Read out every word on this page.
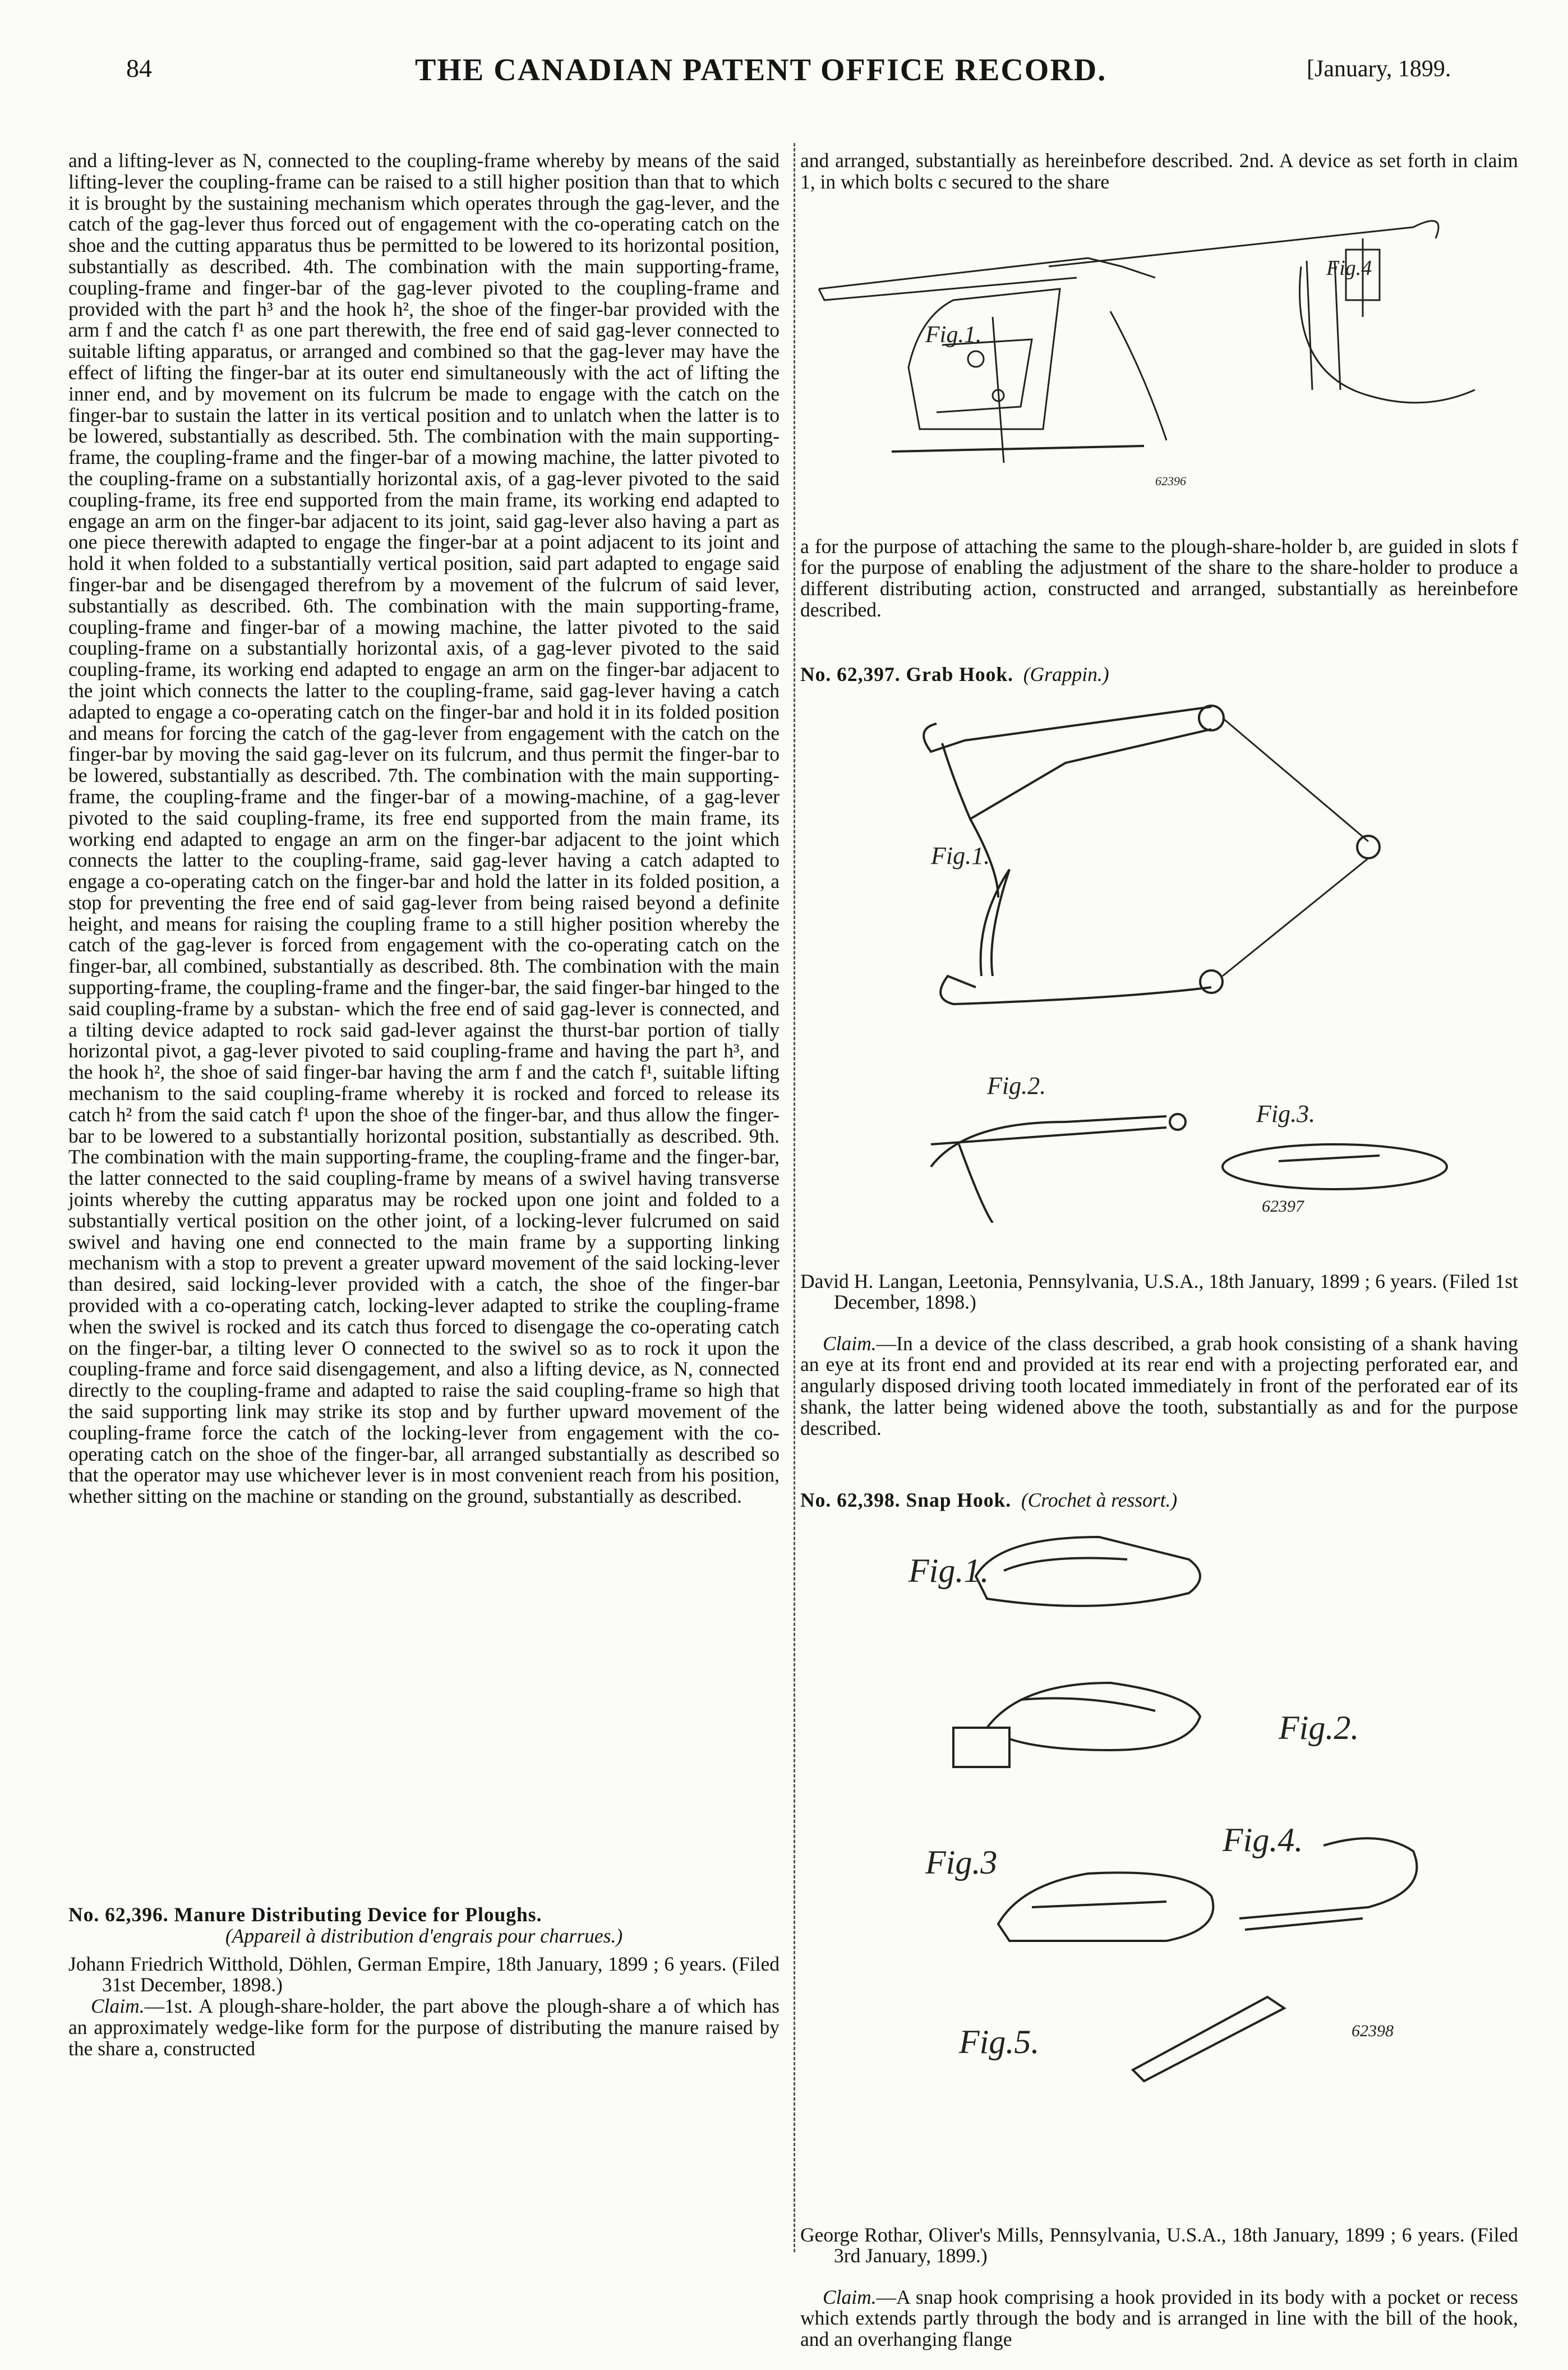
84	THE CANADIAN PATENT OFFICE RECORD.	[January, 1899.

and a lifting-lever as N, connected to the coupling-frame whereby by means of the said lifting-lever the coupling-frame can be raised to a still higher position than that to which it is brought by the sustaining mechanism which operates through the gag-lever, and the catch of the gag-lever thus forced out of engagement with the co-operating catch on the shoe and the cutting apparatus thus be permitted to be lowered to its horizontal position, substantially as described. 4th. The combination with the main supporting-frame, coupling-frame and finger-bar of the gag-lever pivoted to the coupling-frame and provided with the part h³ and the hook h², the shoe of the finger-bar provided with the arm f and the catch f¹ as one part therewith, the free end of said gag-lever connected to suitable lifting apparatus, or arranged and combined so that the gag-lever may have the effect of lifting the finger-bar at its outer end simultaneously with the act of lifting the inner end, and by movement on its fulcrum be made to engage with the catch on the finger-bar to sustain the latter in its vertical position and to unlatch when the latter is to be lowered, substantially as described. 5th. The combination with the main supporting-frame, the coupling-frame and the finger-bar of a mowing machine, the latter pivoted to the coupling-frame on a substantially horizontal axis, of a gag-lever pivoted to the said coupling-frame, its free end supported from the main frame, its working end adapted to engage an arm on the finger-bar adjacent to its joint, said gag-lever also having a part as one piece therewith adapted to engage the finger-bar at a point adjacent to its joint and hold it when folded to a substantially vertical position, said part adapted to engage said finger-bar and be disengaged therefrom by a movement of the fulcrum of said lever, substantially as described. 6th. The combination with the main supporting-frame, coupling-frame and finger-bar of a mowing machine, the latter pivoted to the said coupling-frame on a substantially horizontal axis, of a gag-lever pivoted to the said coupling-frame, its working end adapted to engage an arm on the finger-bar adjacent to the joint which connects the latter to the coupling-frame, said gag-lever having a catch adapted to engage a co-operating catch on the finger-bar and hold it in its folded position and means for forcing the catch of the gag-lever from engagement with the catch on the finger-bar by moving the said gag-lever on its fulcrum, and thus permit the finger-bar to be lowered, substantially as described. 7th. The combination with the main supporting-frame, the coupling-frame and the finger-bar of a mowing-machine, of a gag-lever pivoted to the said coupling-frame, its free end supported from the main frame, its working end adapted to engage an arm on the finger-bar adjacent to the joint which connects the latter to the coupling-frame, said gag-lever having a catch adapted to engage a co-operating catch on the finger-bar and hold the latter in its folded position, a stop for preventing the free end of said gag-lever from being raised beyond a definite height, and means for raising the coupling frame to a still higher position whereby the catch of the gag-lever is forced from engagement with the co-operating catch on the finger-bar, all combined, substantially as described. 8th. The combination with the main supporting-frame, the coupling-frame and the finger-bar, the said finger-bar hinged to the said coupling-frame by a substan- which the free end of said gag-lever is connected, and a tilting device adapted to rock said gad-lever against the thurst-bar portion of tially horizontal pivot, a gag-lever pivoted to said coupling-frame and having the part h³, and the hook h², the shoe of said finger-bar having the arm f and the catch f¹, suitable lifting mechanism to the said coupling-frame whereby it is rocked and forced to release its catch h² from the said catch f¹ upon the shoe of the finger-bar, and thus allow the finger-bar to be lowered to a substantially horizontal position, substantially as described. 9th. The combination with the main supporting-frame, the coupling-frame and the finger-bar, the latter connected to the said coupling-frame by means of a swivel having transverse joints whereby the cutting apparatus may be rocked upon one joint and folded to a substantially vertical position on the other joint, of a locking-lever fulcrumed on said swivel and having one end connected to the main frame by a supporting linking mechanism with a stop to prevent a greater upward movement of the said locking-lever than desired, said locking-lever provided with a catch, the shoe of the finger-bar provided with a co-operating catch, locking-lever adapted to strike the coupling-frame when the swivel is rocked and its catch thus forced to disengage the co-operating catch on the finger-bar, a tilting lever O connected to the swivel so as to rock it upon the coupling-frame and force said disengagement, and also a lifting device, as N, connected directly to the coupling-frame and adapted to raise the said coupling-frame so high that the said supporting link may strike its stop and by further upward movement of the coupling-frame force the catch of the locking-lever from engagement with the co-operating catch on the shoe of the finger-bar, all arranged substantially as described so that the operator may use whichever lever is in most convenient reach from his position, whether sitting on the machine or standing on the ground, substantially as described.

No. 62,396. Manure Distributing Device for Ploughs.

(Appareil à distribution d'engrais pour charrues.)

Johann Friedrich Witthold, Döhlen, German Empire, 18th January, 1899 ; 6 years. (Filed 31st December, 1898.)

Claim.—1st. A plough-share-holder, the part above the plough-share a of which has an approximately wedge-like form for the purpose of distributing the manure raised by the share a, constructed

and arranged, substantially as hereinbefore described. 2nd. A device as set forth in claim 1, in which bolts c secured to the share

Fig.1.
Fig.4
62396

a for the purpose of attaching the same to the plough-share-holder b, are guided in slots f for the purpose of enabling the adjustment of the share to the share-holder to produce a different distributing action, constructed and arranged, substantially as hereinbefore described.

No. 62,397. Grab Hook. (Grappin.)

Fig.1.
Fig.2.
Fig.3.
62397

David H. Langan, Leetonia, Pennsylvania, U.S.A., 18th January, 1899 ; 6 years. (Filed 1st December, 1898.)

Claim.—In a device of the class described, a grab hook consisting of a shank having an eye at its front end and provided at its rear end with a projecting perforated ear, and angularly disposed driving tooth located immediately in front of the perforated ear of its shank, the latter being widened above the tooth, substantially as and for the purpose described.

No. 62,398. Snap Hook. (Crochet à ressort.)

Fig.1.
Fig.2.
Fig.3
Fig.4.
Fig.5.	62398

George Rothar, Oliver's Mills, Pennsylvania, U.S.A., 18th January, 1899 ; 6 years. (Filed 3rd January, 1899.)

Claim.—A snap hook comprising a hook provided in its body with a pocket or recess which extends partly through the body and is arranged in line with the bill of the hook, and an overhanging flange
